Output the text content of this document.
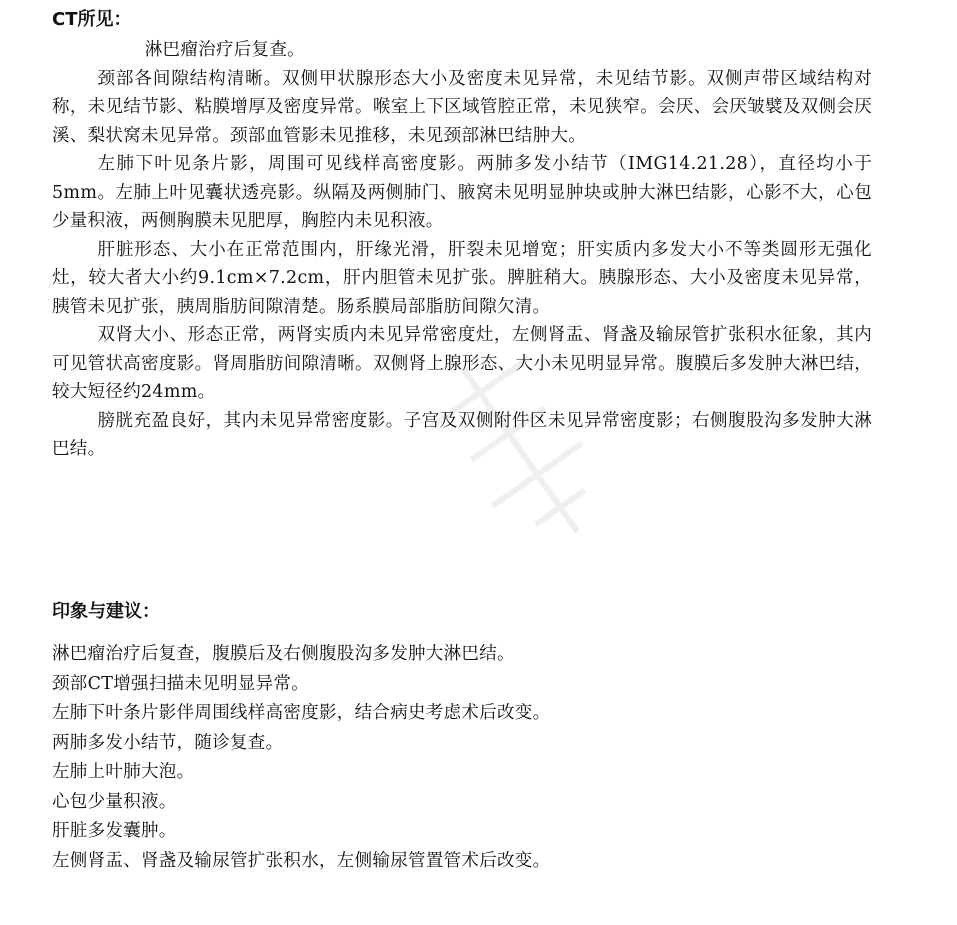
CT所见：

淋巴瘤治疗后复查。

颈部各间隙结构清晰。双侧甲状腺形态大小及密度未见异常，未见结节影。双侧声带区域结构对称，未见结节影、粘膜增厚及密度异常。喉室上下区域管腔正常，未见狭窄。会厌、会厌皱襞及双侧会厌溪、梨状窝未见异常。颈部血管影未见推移，未见颈部淋巴结肿大。

左肺下叶见条片影，周围可见线样高密度影。两肺多发小结节（IMG14.21.28），直径均小于5mm。左肺上叶见囊状透亮影。纵隔及两侧肺门、腋窝未见明显肿块或肿大淋巴结影，心影不大，心包少量积液，两侧胸膜未见肥厚，胸腔内未见积液。

肝脏形态、大小在正常范围内，肝缘光滑，肝裂未见增宽；肝实质内多发大小不等类圆形无强化灶，较大者大小约9.1cm×7.2cm，肝内胆管未见扩张。脾脏稍大。胰腺形态、大小及密度未见异常，胰管未见扩张，胰周脂肪间隙清楚。肠系膜局部脂肪间隙欠清。

双肾大小、形态正常，两肾实质内未见异常密度灶，左侧肾盂、肾盏及输尿管扩张积水征象，其内可见管状高密度影。肾周脂肪间隙清晰。双侧肾上腺形态、大小未见明显异常。腹膜后多发肿大淋巴结，较大短径约24mm。

膀胱充盈良好，其内未见异常密度影。子宫及双侧附件区未见异常密度影；右侧腹股沟多发肿大淋巴结。

印象与建议：

淋巴瘤治疗后复查，腹膜后及右侧腹股沟多发肿大淋巴结。

颈部CT增强扫描未见明显异常。

左肺下叶条片影伴周围线样高密度影，结合病史考虑术后改变。

两肺多发小结节，随诊复查。

左肺上叶肺大泡。

心包少量积液。

肝脏多发囊肿。

左侧肾盂、肾盏及输尿管扩张积水，左侧输尿管置管术后改变。
